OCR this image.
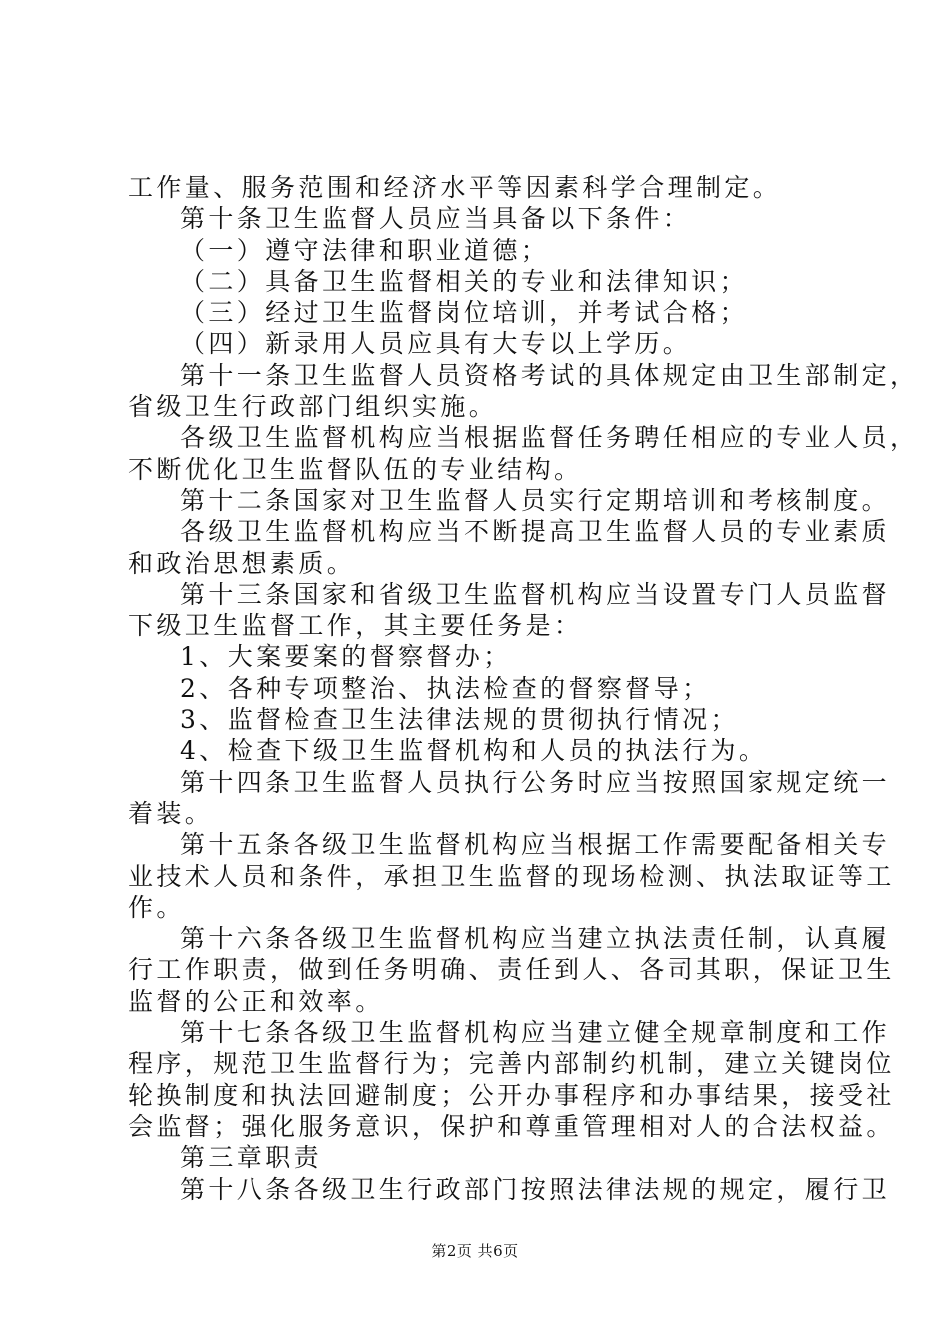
工作量、服务范围和经济水平等因素科学合理制定。
第十条卫生监督人员应当具备以下条件：
（一）遵守法律和职业道德；
（二）具备卫生监督相关的专业和法律知识；
（三）经过卫生监督岗位培训，并考试合格；
（四）新录用人员应具有大专以上学历。
第十一条卫生监督人员资格考试的具体规定由卫生部制定，
省级卫生行政部门组织实施。
各级卫生监督机构应当根据监督任务聘任相应的专业人员，
不断优化卫生监督队伍的专业结构。
第十二条国家对卫生监督人员实行定期培训和考核制度。
各级卫生监督机构应当不断提高卫生监督人员的专业素质
和政治思想素质。
第十三条国家和省级卫生监督机构应当设置专门人员监督
下级卫生监督工作，其主要任务是：
1、大案要案的督察督办；
2、各种专项整治、执法检查的督察督导；
3、监督检查卫生法律法规的贯彻执行情况；
4、检查下级卫生监督机构和人员的执法行为。
第十四条卫生监督人员执行公务时应当按照国家规定统一
着装。
第十五条各级卫生监督机构应当根据工作需要配备相关专
业技术人员和条件，承担卫生监督的现场检测、执法取证等工
作。
第十六条各级卫生监督机构应当建立执法责任制，认真履
行工作职责，做到任务明确、责任到人、各司其职，保证卫生
监督的公正和效率。
第十七条各级卫生监督机构应当建立健全规章制度和工作
程序，规范卫生监督行为；完善内部制约机制，建立关键岗位
轮换制度和执法回避制度；公开办事程序和办事结果，接受社
会监督；强化服务意识，保护和尊重管理相对人的合法权益。
第三章职责
第十八条各级卫生行政部门按照法律法规的规定，履行卫
第2页 共6页
